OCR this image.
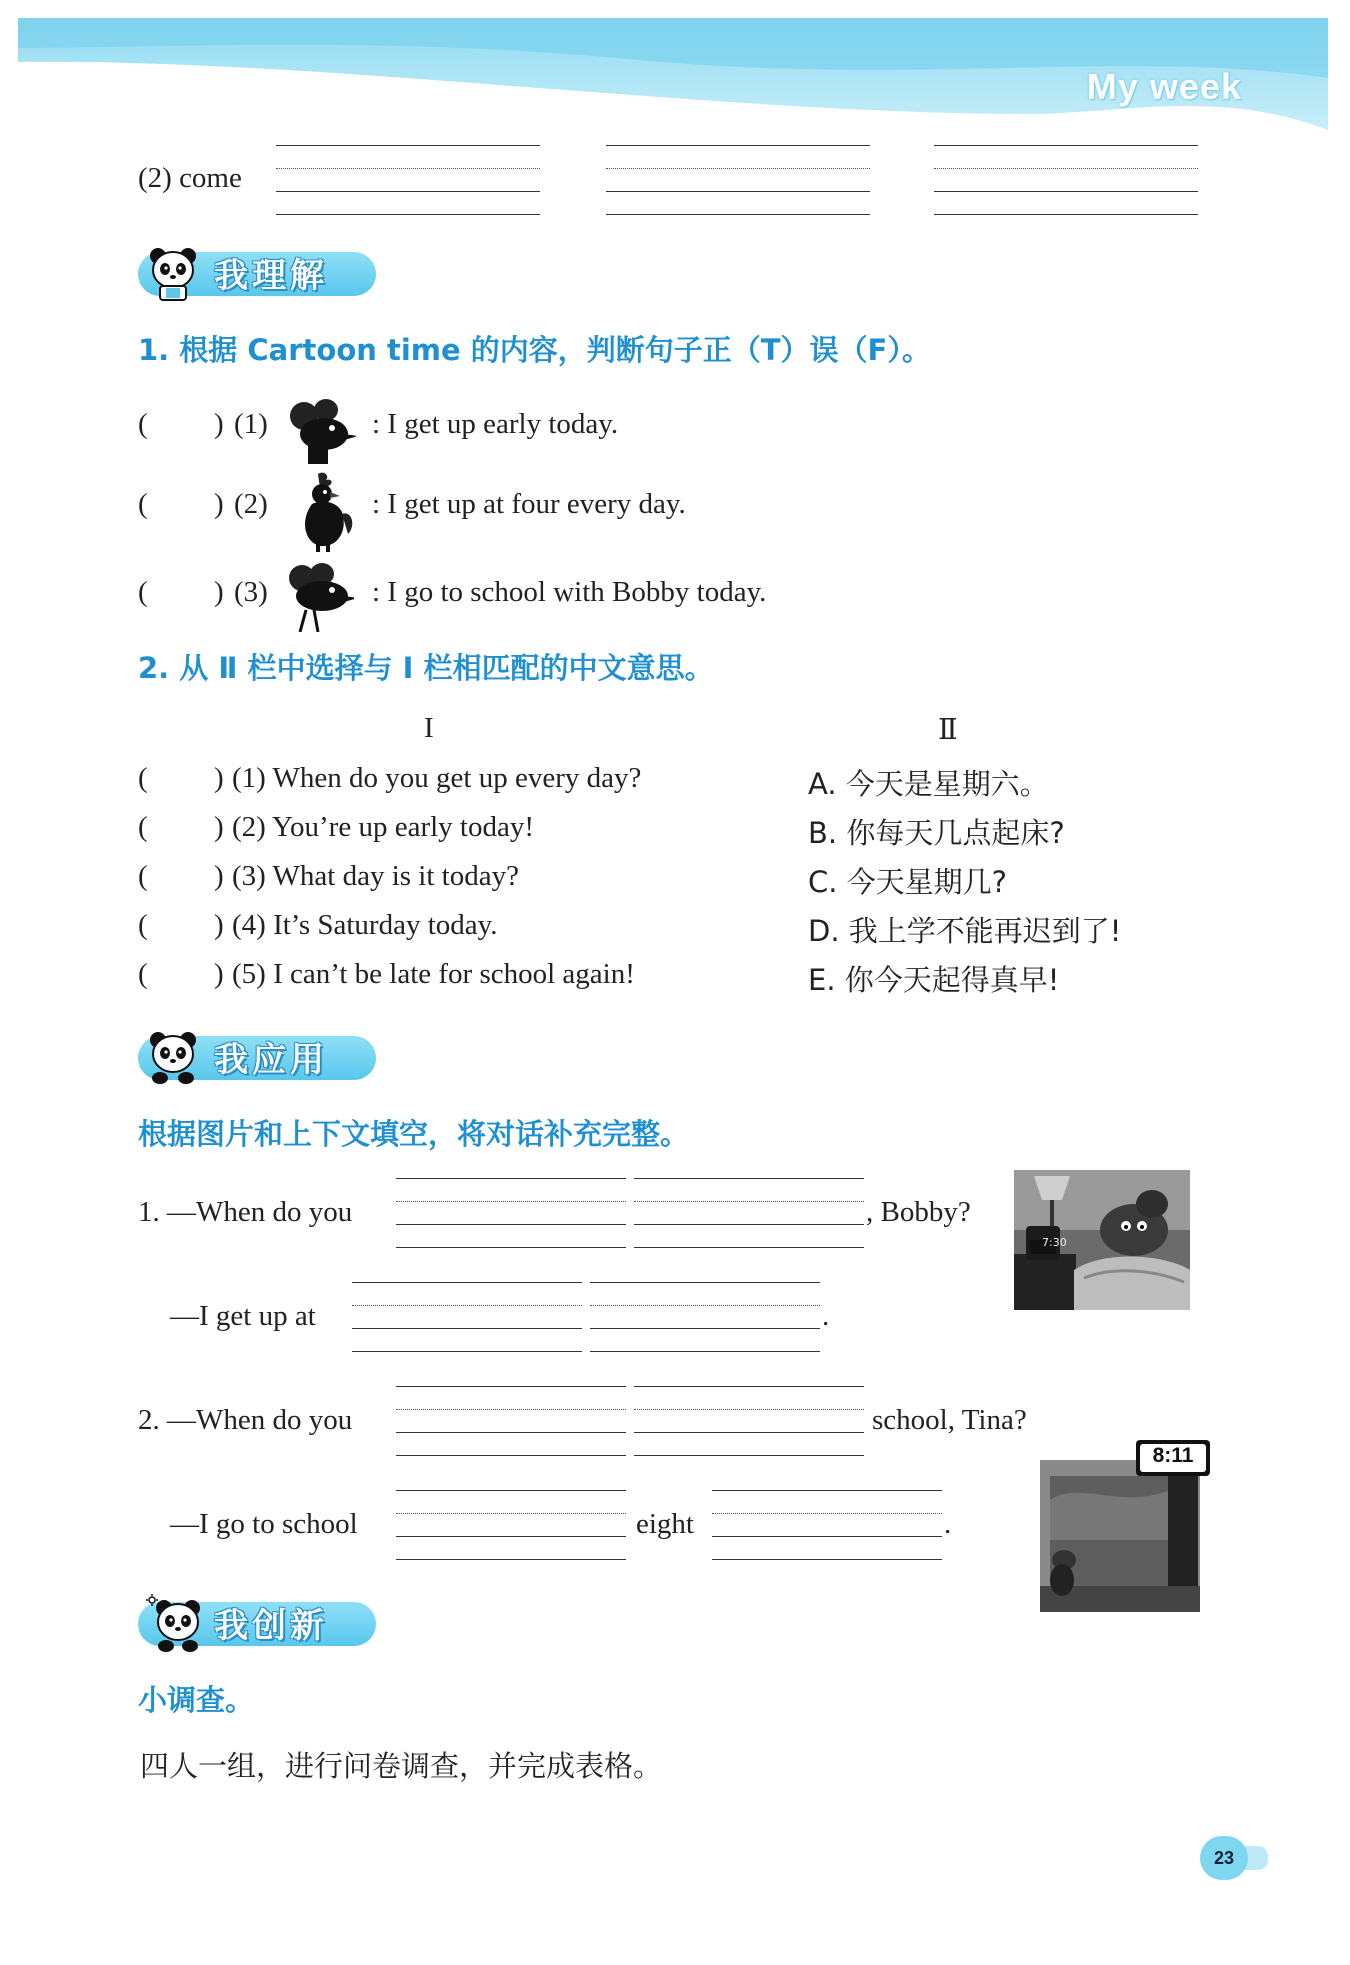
My week
(2) come
我理解
1. 根据 Cartoon time 的内容，判断句子正（T）误（F）。
( ) (1)	: I get up early today.
( ) (2)	: I get up at four every day.
( ) (3)	: I go to school with Bobby today.
2. 从 Ⅱ 栏中选择与 Ⅰ 栏相匹配的中文意思。
I	Ⅱ
( ) (1) When do you get up every day?
( ) (2) You’re up early today!
( ) (3) What day is it today?
( ) (4) It’s Saturday today.
( ) (5) I can’t be late for school again!
A. 今天是星期六。
B. 你每天几点起床?
C. 今天星期几?
D. 我上学不能再迟到了!
E. 你今天起得真早!
我应用
根据图片和上下文填空，将对话补充完整。
1. —When do you	, Bobby?
7:30
—I get up at	.
2. —When do you	school, Tina?
8:11
—I go to school	eight	.
我创新
小调查。
四人一组，进行问卷调查，并完成表格。
23
